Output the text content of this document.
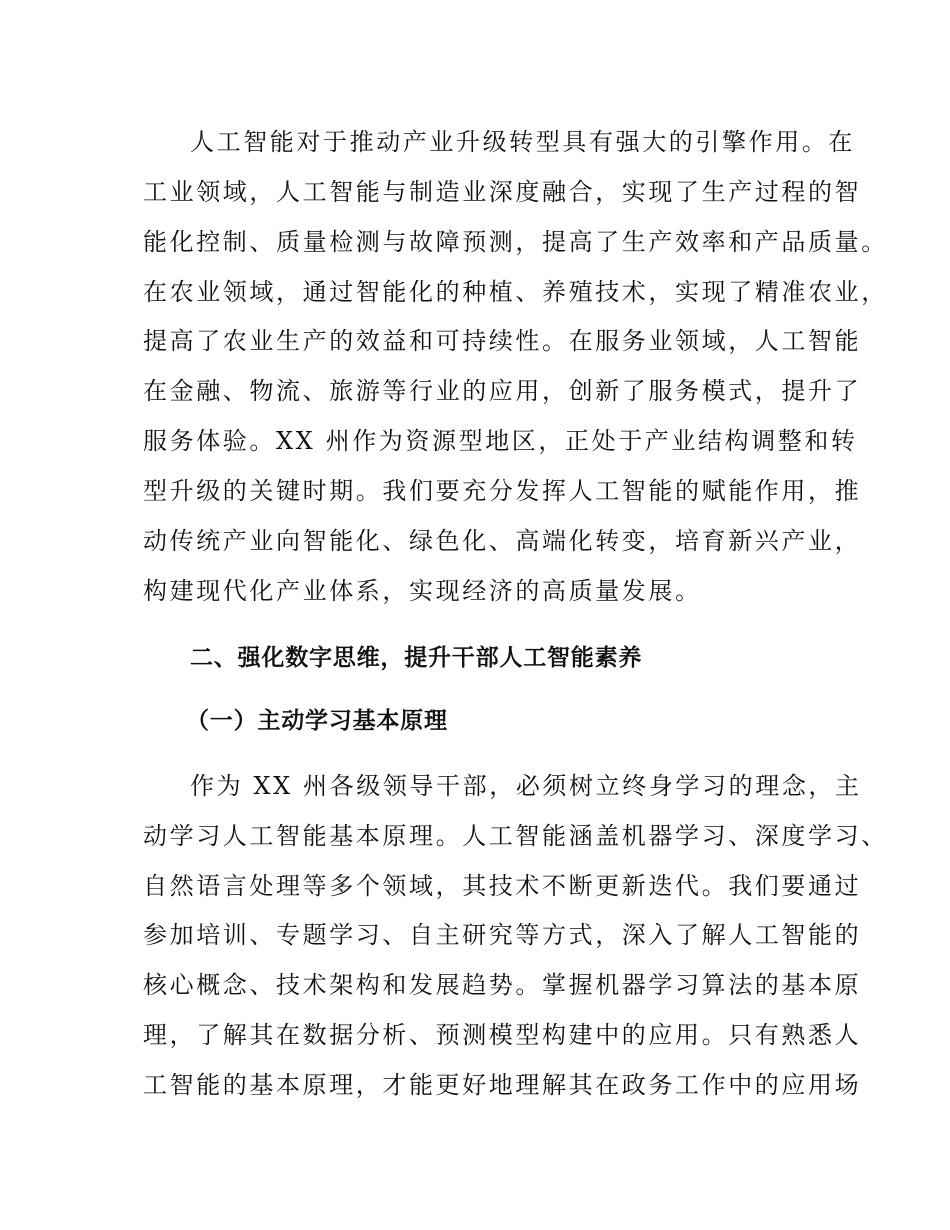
人工智能对于推动产业升级转型具有强大的引擎作用。在

工业领域，人工智能与制造业深度融合，实现了生产过程的智

能化控制、质量检测与故障预测，提高了生产效率和产品质量。

在农业领域，通过智能化的种植、养殖技术，实现了精准农业，

提高了农业生产的效益和可持续性。在服务业领域，人工智能

在金融、物流、旅游等行业的应用，创新了服务模式，提升了

服务体验。XX 州作为资源型地区，正处于产业结构调整和转

型升级的关键时期。我们要充分发挥人工智能的赋能作用，推

动传统产业向智能化、绿色化、高端化转变，培育新兴产业，

构建现代化产业体系，实现经济的高质量发展。

二、强化数字思维，提升干部人工智能素养
（一）主动学习基本原理

作为 XX 州各级领导干部，必须树立终身学习的理念，主

动学习人工智能基本原理。人工智能涵盖机器学习、深度学习、

自然语言处理等多个领域，其技术不断更新迭代。我们要通过

参加培训、专题学习、自主研究等方式，深入了解人工智能的

核心概念、技术架构和发展趋势。掌握机器学习算法的基本原

理，了解其在数据分析、预测模型构建中的应用。只有熟悉人

工智能的基本原理，才能更好地理解其在政务工作中的应用场
